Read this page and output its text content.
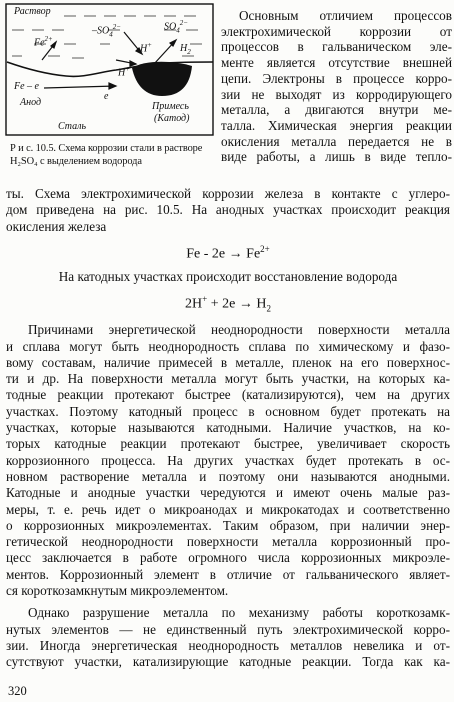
Раствор
$-SO_4^{2-}$	$SO_4^{2-}$
$Fe^{2+}$
H+	$H_2$
H+
Fe – e
Анод
e
Примесь
(Катод)
Сталь
Р и с. 10.5. Схема коррозии стали в растворе H₂SO₄ с выделением водорода
Основным отличием процессов
электрохимической коррозии от
процессов в гальваническом эле-
менте является отсутствие внешней
цепи. Электроны в процессе корро-
зии не выходят из корродирующего
металла, а двигаются внутри ме-
талла. Химическая энергия реакции
окисления металла передается не в
виде работы, а лишь в виде тепло-
ты. Схема электрохимической коррозии железа в контакте с углеро-
дом приведена на рис. 10.5. На анодных участках происходит реакция
окисления железа
$Fe - 2e \to Fe^{2+}$
На катодных участках происходит восстановление водорода
$2H^+ + 2e \to H_2$
Причинами энергетической неоднородности поверхности металла
и сплава могут быть неоднородность сплава по химическому и фазо-
вому составам, наличие примесей в металле, пленок на его поверхнос-
ти и др. На поверхности металла могут быть участки, на которых ка-
тодные реакции протекают быстрее (катализируются), чем на других
участках. Поэтому катодный процесс в основном будет протекать на
участках, которые называются катодными. Наличие участков, на ко-
торых катодные реакции протекают быстрее, увеличивает скорость
коррозионного процесса. На других участках будет протекать в ос-
новном растворение металла и поэтому они называются анодными.
Катодные и анодные участки чередуются и имеют очень малые раз-
меры, т. е. речь идет о микроанодах и микрокатодах и соответственно
о коррозионных микроэлементах. Таким образом, при наличии энер-
гетической неоднородности поверхности металла коррозионный про-
цесс заключается в работе огромного числа коррозионных микроэле-
ментов. Коррозионный элемент в отличие от гальванического являет-
ся короткозамкнутым микроэлементом.
Однако разрушение металла по механизму работы короткозамк-
нутых элементов — не единственный путь электрохимической корро-
зии. Иногда энергетическая неоднородность металлов невелика и от-
сутствуют участки, катализирующие катодные реакции. Тогда как ка-
320
